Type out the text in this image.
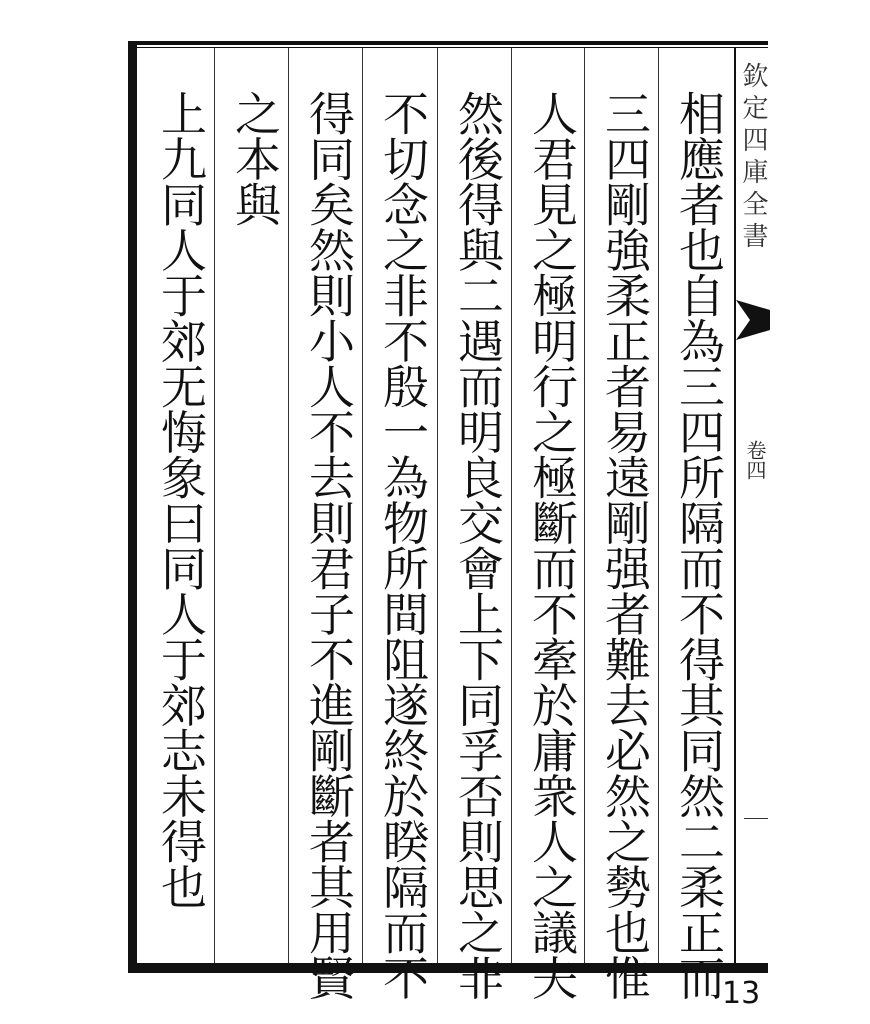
相應者也自為三四所隔而不得其同然二柔正而
三四剛強柔正者易遠剛强者難去必然之勢也惟
人君見之極明行之極斷而不牽於庸衆人之議夫
然後得與二遇而明良交會上下同孚否則思之非
不切念之非不殷一為物所間阻遂終於睽隔而不
得同矣然則小人不去則君子不進剛斷者其用賢
之本與
上九同人于郊无悔象曰同人于郊志未得也	欽定四庫全書
卷四
13
